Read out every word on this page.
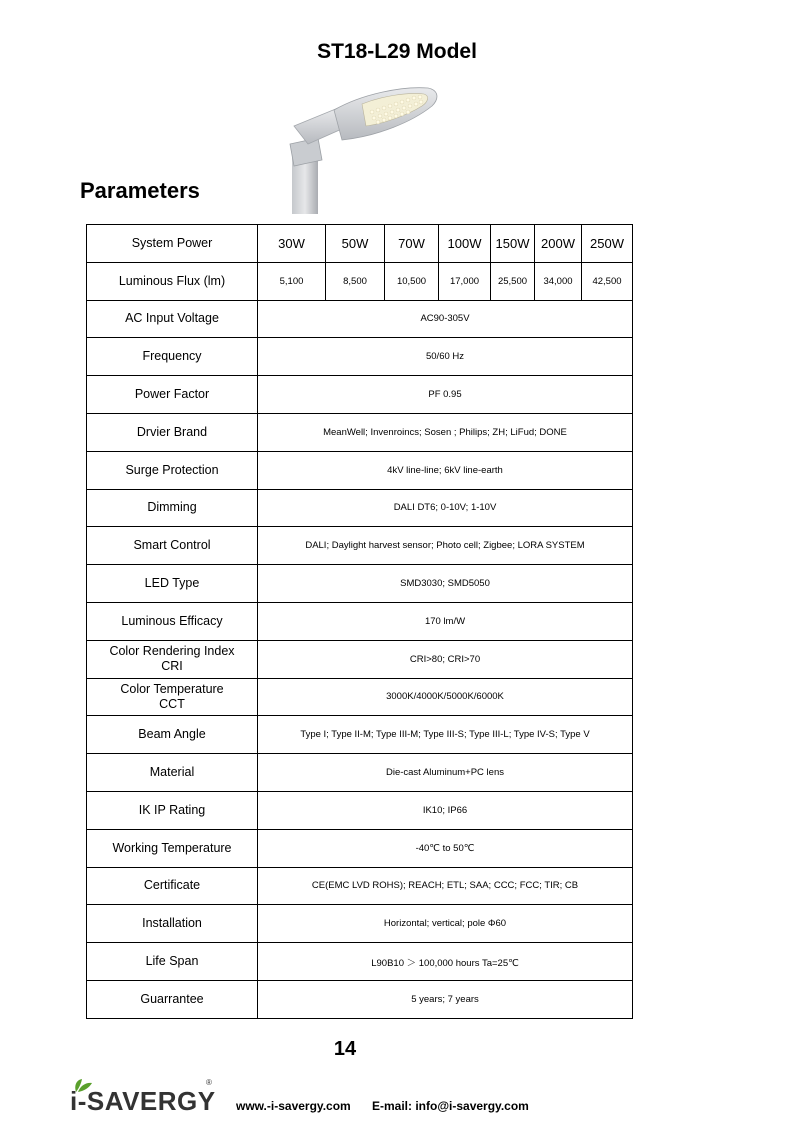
ST18-L29 Model
Parameters
System Power	30W	50W	70W	100W	150W	200W	250W
Luminous Flux (lm)	5,100	8,500	10,500	17,000	25,500	34,000	42,500
AC Input Voltage	AC90-305V						
Frequency	50/60 Hz						
Power Factor	PF 0.95						
Drvier Brand	MeanWell; Invenroincs; Sosen ; Philips; ZH; LiFud; DONE						
Surge Protection	4kV line-line; 6kV line-earth						
Dimming	DALI DT6; 0-10V; 1-10V						
Smart Control	DALI; Daylight harvest sensor; Photo cell; Zigbee; LORA SYSTEM						
LED Type	SMD3030; SMD5050						
Luminous Efficacy	170 lm/W						
Color Rendering Index
CRI	CRI>80; CRI>70						
Color Temperature
CCT	3000K/4000K/5000K/6000K						
Beam Angle	Type I; Type II-M; Type III-M; Type III-S; Type III-L; Type IV-S; Type V						
Material	Die-cast Aluminum+PC lens						
IK IP Rating	IK10; IP66						
Working Temperature	-40℃ to 50℃						
Certificate	CE(EMC LVD ROHS); REACH; ETL; SAA; CCC; FCC; TIR; CB						
Installation	Horizontal; vertical; pole Φ60						
Life Span	L90B10 ＞ 100,000 hours Ta=25℃						
Guarrantee	5 years; 7 years						
14
i-SAVERGY
®
www.-i-savergy.com E-mail: info@i-savergy.com
